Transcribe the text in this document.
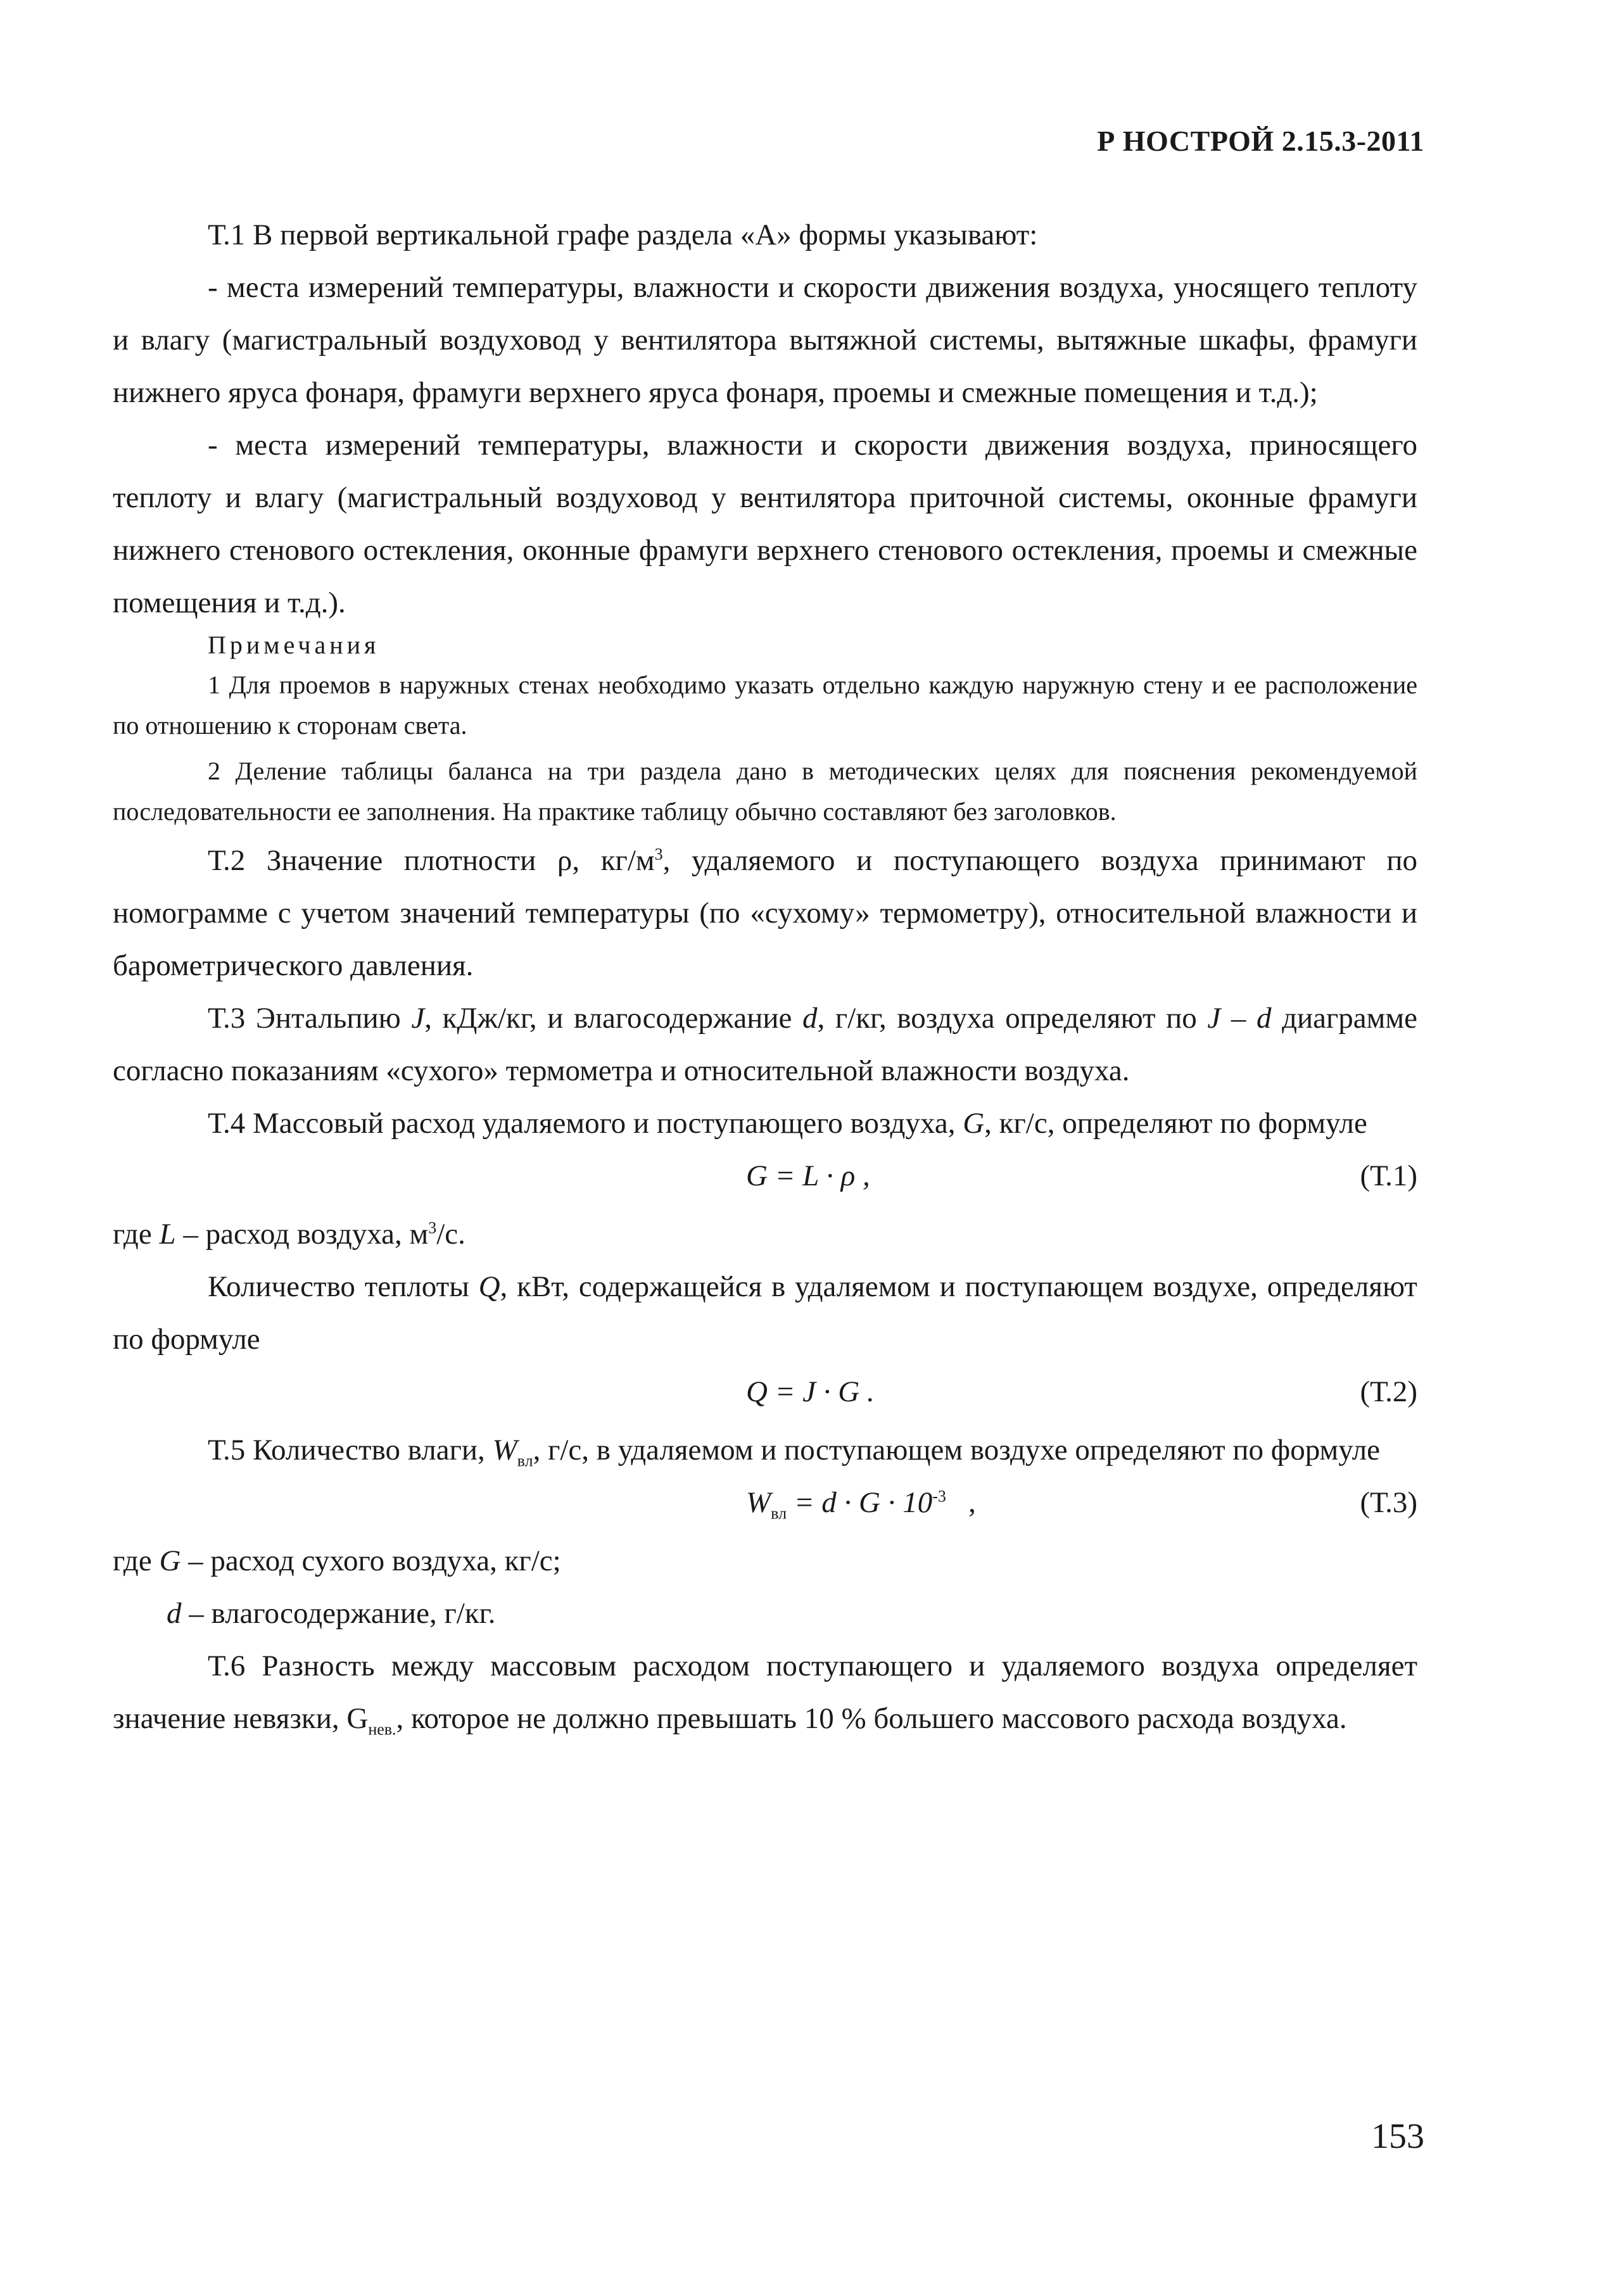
Р НОСТРОЙ 2.15.3-2011

Т.1 В первой вертикальной графе раздела «А» формы указывают:

- места измерений температуры, влажности и скорости движения воздуха, уносящего теплоту и влагу (магистральный воздуховод у вентилятора вытяжной системы, вытяжные шкафы, фрамуги нижнего яруса фонаря, фрамуги верхнего яруса фонаря, проемы и смежные помещения и т.д.);

- места измерений температуры, влажности и скорости движения воздуха, приносящего теплоту и влагу (магистральный воздуховод у вентилятора приточной системы, оконные фрамуги нижнего стенового остекления, оконные фрамуги верхнего стенового остекления, проемы и смежные помещения и т.д.).

Примечания

1 Для проемов в наружных стенах необходимо указать отдельно каждую наружную стену и ее расположение по отношению к сторонам света.

2 Деление таблицы баланса на три раздела дано в методических целях для пояснения рекомендуемой последовательности ее заполнения. На практике таблицу обычно составляют без заголовков.

Т.2 Значение плотности ρ, $кг/м^3$, удаляемого и поступающего воздуха принимают по номограмме с учетом значений температуры (по «сухому» термометру), относительной влажности и барометрического давления.

Т.3 Энтальпию J, кДж/кг, и влагосодержание d, г/кг, воздуха определяют по J – d диаграмме согласно показаниям «сухого» термометра и относительной влажности воздуха.

Т.4 Массовый расход удаляемого и поступающего воздуха, G, кг/с, определяют по формуле

G = L · ρ ,	(Т.1)

где L – расход воздуха, $м^3/с$.

Количество теплоты Q, кВт, содержащейся в удаляемом и поступающем воздухе, определяют по формуле

Q = J · G .	(Т.2)

Т.5 Количество влаги, $W_{вл}$, г/с, в удаляемом и поступающем воздухе определяют по формуле

$W_{вл} = d \cdot G \cdot 10^{-3}$   ,	(Т.3)

где G – расход сухого воздуха, кг/с;

d – влагосодержание, г/кг.

Т.6 Разность между массовым расходом поступающего и удаляемого воздуха определяет значение невязки, $G_{нев.}$, которое не должно превышать 10 % большего массового расхода воздуха.

153
